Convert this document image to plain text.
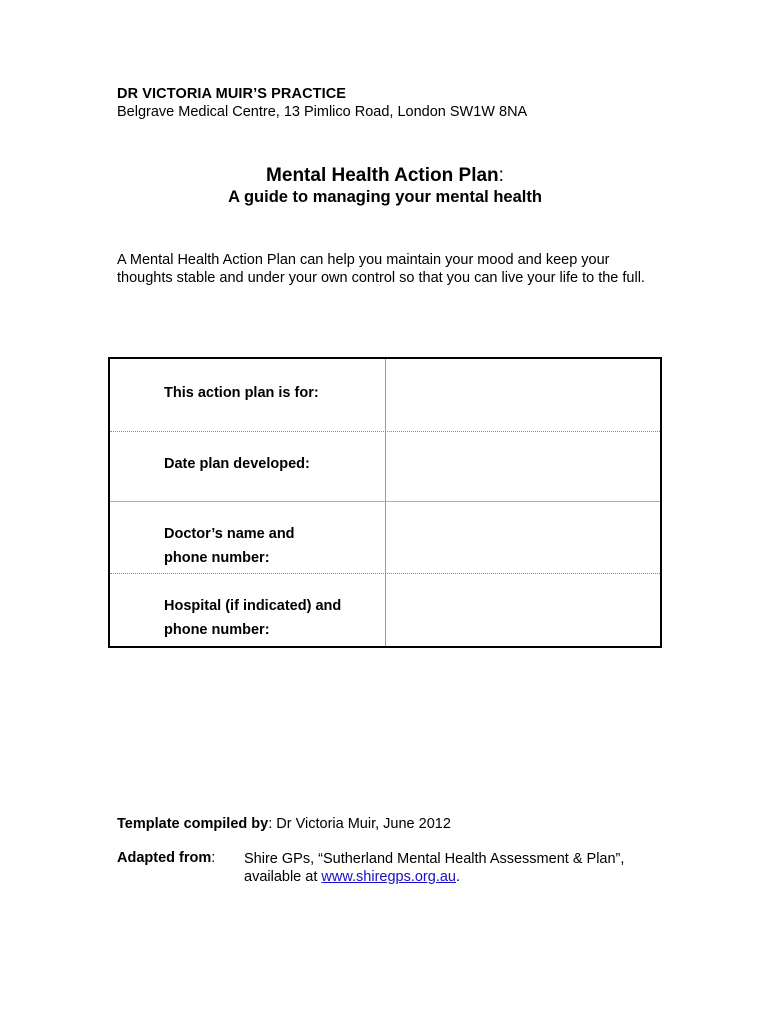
DR VICTORIA MUIR’S PRACTICE
Belgrave Medical Centre, 13 Pimlico Road, London SW1W 8NA
Mental Health Action Plan:
A guide to managing your mental health

A Mental Health Action Plan can help you maintain your mood and keep your

thoughts stable and under your own control so that you can live your life to the full.

This action plan is for:
Date plan developed:
Doctor’s name and
phone number:
Hospital (if indicated) and
phone number:
Template compiled by: Dr Victoria Muir, June 2012
Adapted from: Shire GPs, “Sutherland Mental Health Assessment & Plan”,
available at www.shiregps.org.au.
